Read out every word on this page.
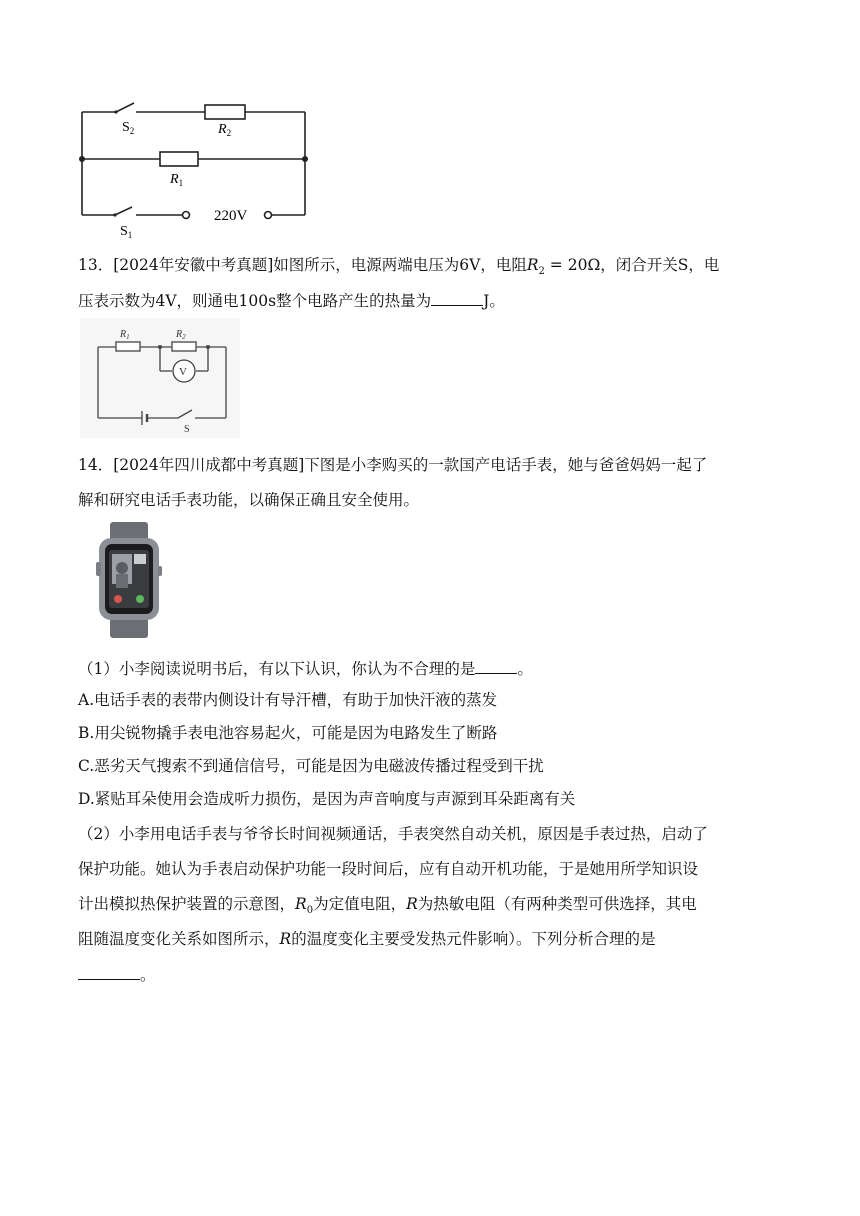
$S_2$	$R_2$
$R_1$
$S_1$
220V
13．[2024年安徽中考真题]如图所示，电源两端电压为6V，电阻$R_2 = 20\Omega$，闭合开关S，电
压表示数为4V，则通电100s整个电路产生的热量为	J。
$R_1$	$R_2$
V
S
14．[2024年四川成都中考真题]下图是小李购买的一款国产电话手表，她与爸爸妈妈一起了
解和研究电话手表功能，以确保正确且安全使用。
（1）小李阅读说明书后，有以下认识，你认为不合理的是	。
A.电话手表的表带内侧设计有导汗槽，有助于加快汗液的蒸发
B.用尖锐物撬手表电池容易起火，可能是因为电路发生了断路
C.恶劣天气搜索不到通信信号，可能是因为电磁波传播过程受到干扰
D.紧贴耳朵使用会造成听力损伤，是因为声音响度与声源到耳朵距离有关
（2）小李用电话手表与爷爷长时间视频通话，手表突然自动关机，原因是手表过热，启动了
保护功能。她认为手表启动保护功能一段时间后，应有自动开机功能，于是她用所学知识设
计出模拟热保护装置的示意图，$R_0$为定值电阻，R为热敏电阻（有两种类型可供选择，其电
阻随温度变化关系如图所示，R的温度变化主要受发热元件影响）。下列分析合理的是
。
